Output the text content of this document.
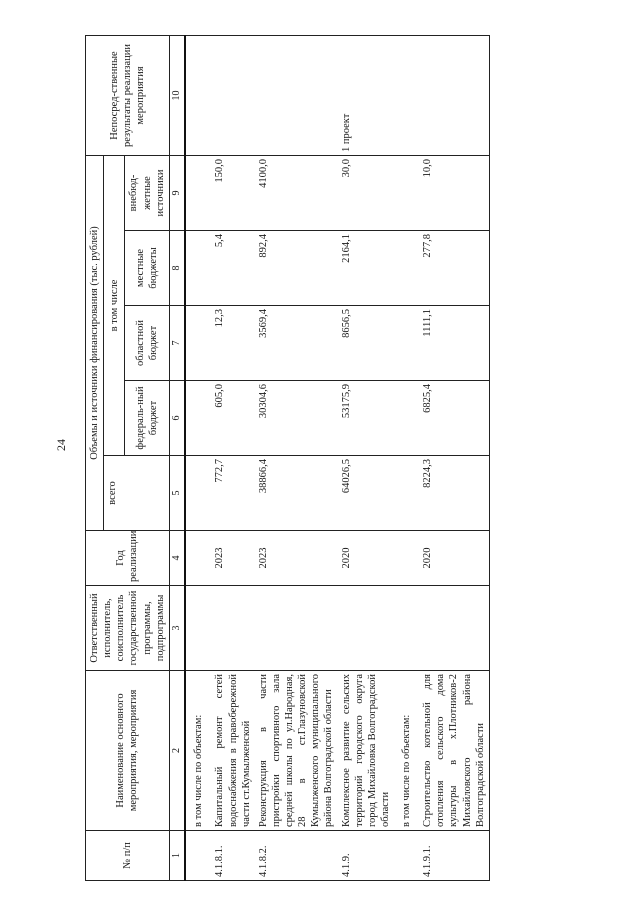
24
№ п/п	Наименование основного мероприятия, мероприятия	Ответственный исполнитель, соисполнитель государственной программы, подпрограммы	Год реализации	Объемы и источники финансирования (тыс. рублей)					Непосред-ственные результаты реализации мероприятия
				всего	в том числе				
					федераль-ный бюджет	областной бюджет	местные бюджеты	внебюд-жетные источники	
1	2	3	4	5	6	7	8	9	10
	в том числе по объектам:								
4.1.8.1.	Капитальный ремонт сетей водоснабжения в правобережной части ст.Кумылженской		2023	772,7	605,0	12,3	5,4	150,0	
4.1.8.2.	Реконструкция в части пристройки спортивного зала средней школы по ул.Народная, 28 в ст.Глазуновской Кумылженского муниципального района Волгоградской области		2023	38866,4	30304,6	3569,4	892,4	4100,0	
4.1.9.	Комплексное развитие сельских территорий городского округа город Михайловка Волгоградской области		2020	64026,5	53175,9	8656,5	2164,1	30,0	1 проект
	в том числе по объектам:								
4.1.9.1.	Строительство котельной для отопления сельского дома культуры в х.Плотников-2 Михайловского района Волгоградской области		2020	8224,3	6825,4	1111,1	277,8	10,0	
